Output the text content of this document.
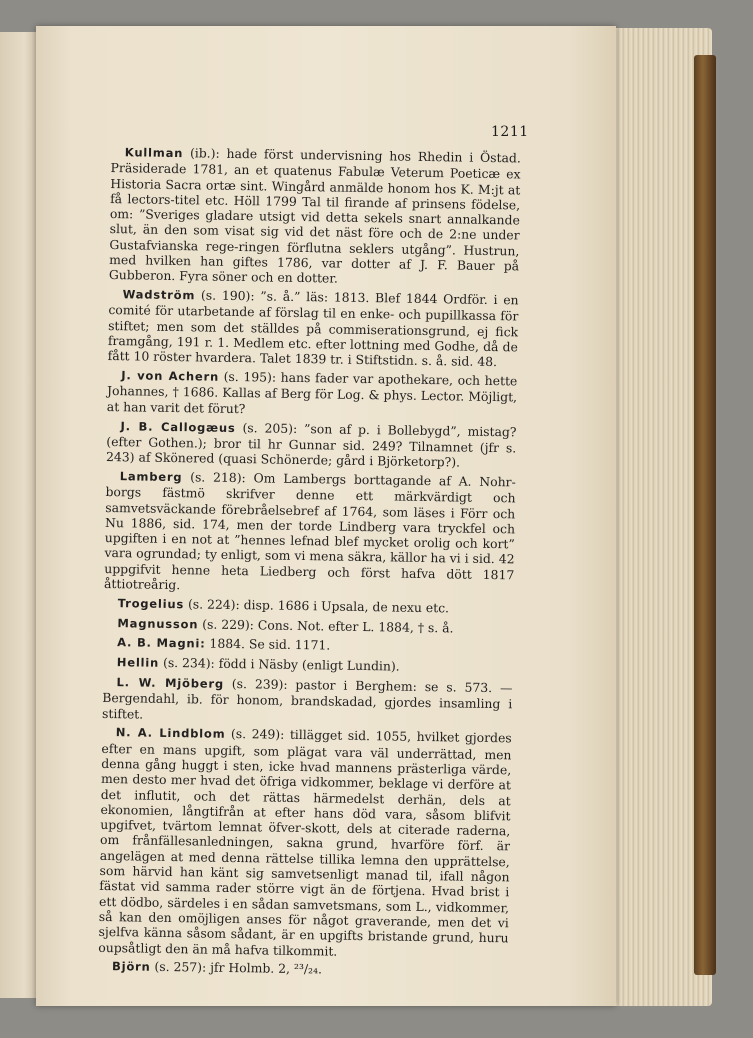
1211

Kullman (ib.): hade först undervisning hos Rhedin i Östad. Präsiderade 1781, an et quatenus Fabulæ Veterum Poeticæ ex Historia Sacra ortæ sint. Wingård anmälde honom hos K. M:jt at få lectors-titel etc. Höll 1799 Tal til firande af prinsens födelse, om: ”Sveriges gladare utsigt vid detta sekels snart annalkande slut, än den som visat sig vid det näst före och de 2:ne under Gustafvianska rege-ringen förflutna seklers utgång”. Hustrun, med hvilken han giftes 1786, var dotter af J. F. Bauer på Gubberon. Fyra söner och en dotter.

Wadström (s. 190): ”s. å.” läs: 1813. Blef 1844 Ordför. i en comité för utarbetande af förslag til en enke- och pupillkassa för stiftet; men som det ställdes på commiserationsgrund, ej fick framgång, 191 r. 1. Medlem etc. efter lottning med Godhe, då de fått 10 röster hvardera. Talet 1839 tr. i Stiftstidn. s. å. sid. 48.

J. von Achern (s. 195): hans fader var apothekare, och hette Johannes, † 1686. Kallas af Berg för Log. & phys. Lector. Möjligt, at han varit det förut?

J. B. Callogæus (s. 205): ”son af p. i Bollebygd”, mistag? (efter Gothen.); bror til hr Gunnar sid. 249? Tilnamnet (jfr s. 243) af Skönered (quasi Schönerde; gård i Björketorp?).

Lamberg (s. 218): Om Lambergs borttagande af A. Nohr-borgs fästmö skrifver denne ett märkvärdigt och samvetsväckande förebråelsebref af 1764, som läses i Förr och Nu 1886, sid. 174, men der torde Lindberg vara tryckfel och upgiften i en not at ”hennes lefnad blef mycket orolig och kort” vara ogrundad; ty enligt, som vi mena säkra, källor ha vi i sid. 42 uppgifvit henne heta Liedberg och först hafva dött 1817 åttiotreårig.

Trogelius (s. 224): disp. 1686 i Upsala, de nexu etc.

Magnusson (s. 229): Cons. Not. efter L. 1884, † s. å.

A. B. Magni: 1884. Se sid. 1171.

Hellin (s. 234): född i Näsby (enligt Lundin).

L. W. Mjöberg (s. 239): pastor i Berghem: se s. 573. — Bergendahl, ib. för honom, brandskadad, gjordes insamling i stiftet.

N. A. Lindblom (s. 249): tillägget sid. 1055, hvilket gjordes efter en mans upgift, som plägat vara väl underrättad, men denna gång huggt i sten, icke hvad mannens prästerliga värde, men desto mer hvad det öfriga vidkommer, beklage vi derföre at det influtit, och det rättas härmedelst derhän, dels at ekonomien, långtifrån at efter hans död vara, såsom blifvit upgifvet, tvärtom lemnat öfver-skott, dels at citerade raderna, om frånfällesanledningen, sakna grund, hvarföre förf. är angelägen at med denna rättelse tillika lemna den upprättelse, som härvid han känt sig samvetsenligt manad til, ifall någon fästat vid samma rader större vigt än de förtjena. Hvad brist i ett dödbo, särdeles i en sådan samvetsmans, som L., vidkommer, så kan den omöjligen anses för något graverande, men det vi sjelfva känna såsom sådant, är en upgifts bristande grund, huru oupsåtligt den än må hafva tilkommit.

Björn (s. 257): jfr Holmb. 2, ²³/₂₄.
